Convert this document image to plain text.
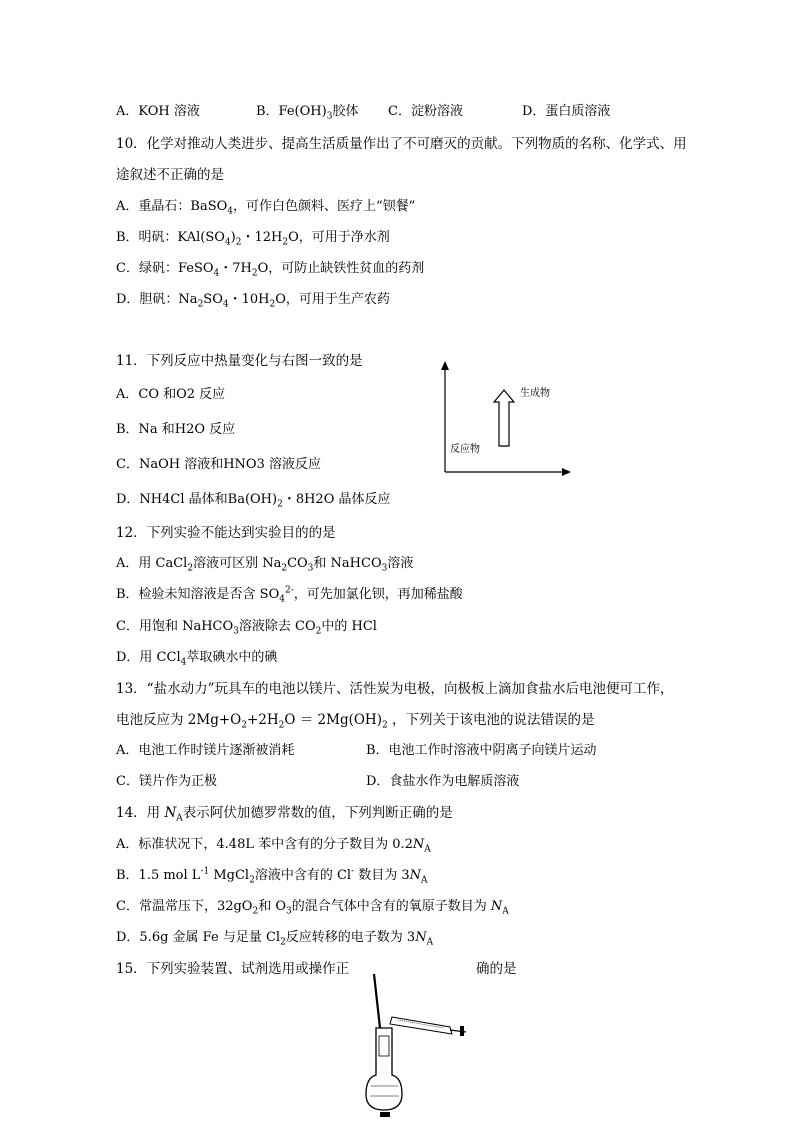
A．KOH 溶液	B．$Fe(OH)_3$胶体 C．淀粉溶液	D．蛋白质溶液
10．化学对推动人类进步、提高生活质量作出了不可磨灭的贡献。下列物质的名称、化学式、用
途叙述不正确的是
A．重晶石：BaSO$_4$，可作白色颜料、医疗上“钡餐”
B．明矾：$KAl(SO_4)_2$・$12H_2O$，可用于净水剂
C．绿矾：FeSO$_4$・$7H_2O$，可防止缺铁性贫血的药剂
D．胆矾：$Na_2SO_4$・$10H_2O$，可用于生产农药
11．下列反应中热量变化与右图一致的是
A．CO 和O2 反应
B．Na 和H2O 反应
C．NaOH 溶液和HNO3 溶液反应
D．NH4Cl 晶体和$Ba(OH)_2$・8H2O 晶体反应
生成物
反应物
12．下列实验不能达到实验目的的是
A．用 CaCl$_2$溶液可区别 $Na_2CO_3$和 NaHCO$_3$溶液
B．检验未知溶液是否含 $SO_4^{2-}$，可先加氯化钡，再加稀盐酸
C．用饱和 NaHCO$_3$溶液除去 $CO_2$中的 HCl
D．用 CCl$_4$萃取碘水中的碘
13．“盐水动力”玩具车的电池以镁片、活性炭为电极，向极板上滴加食盐水后电池便可工作，
电池反应为 $2Mg+O_2+2H_2O = 2Mg(OH)_2$ ，下列关于该电池的说法错误的是
A．电池工作时镁片逐渐被消耗	B．电池工作时溶液中阴离子向镁片运动
C．镁片作为正极	D．食盐水作为电解质溶液
14．用 $N_A$表示阿伏加德罗常数的值，下列判断正确的是
A．标准状况下，4.48L 苯中含有的分子数目为 $0.2N_A$
B．1.5 mol $L^{-1}$ MgCl$_2$溶液中含有的 Cl- 数目为 $3N_A$
C．常温常压下，$32gO_2$和 $O_3$的混合气体中含有的氧原子数目为 $N_A$
D．5.6g 金属 Fe 与足量 $Cl_2$反应转移的电子数为 $3N_A$
15．下列实验装置、试剂选用或操作正	确的是
